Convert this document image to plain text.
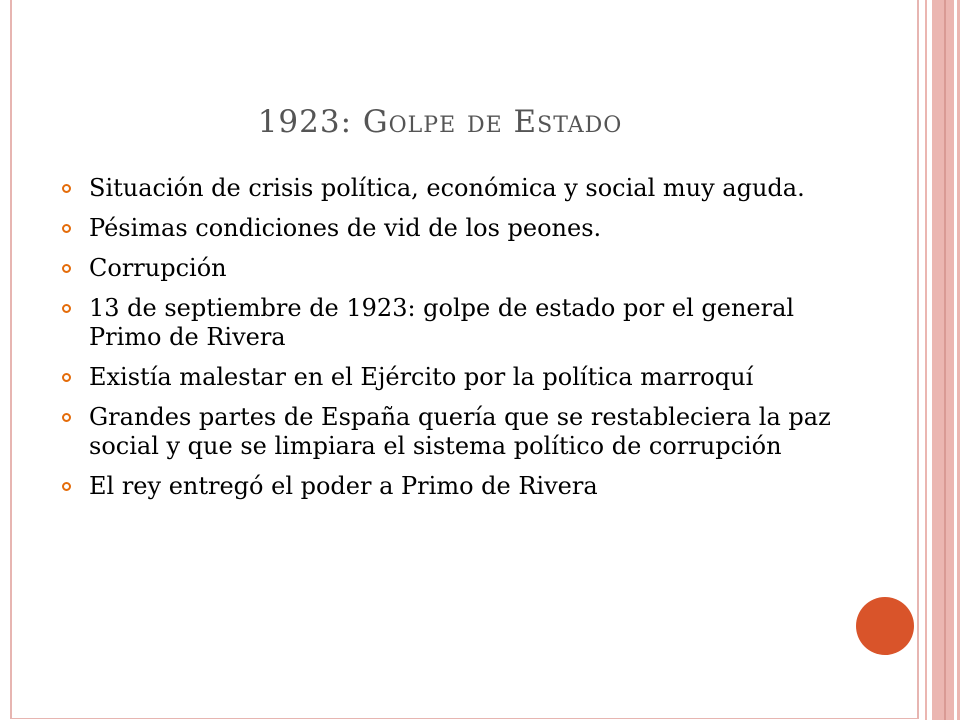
1923: Golpe de Estado
Situación de crisis política, económica y social muy aguda.
Pésimas condiciones de vid de los peones.
Corrupción
13 de septiembre de 1923: golpe de estado por el general Primo de Rivera
Existía malestar en el Ejército por la política marroquí
Grandes partes de España quería que se restableciera la paz social y que se limpiara el sistema político de corrupción
El rey entregó el poder a Primo de Rivera
